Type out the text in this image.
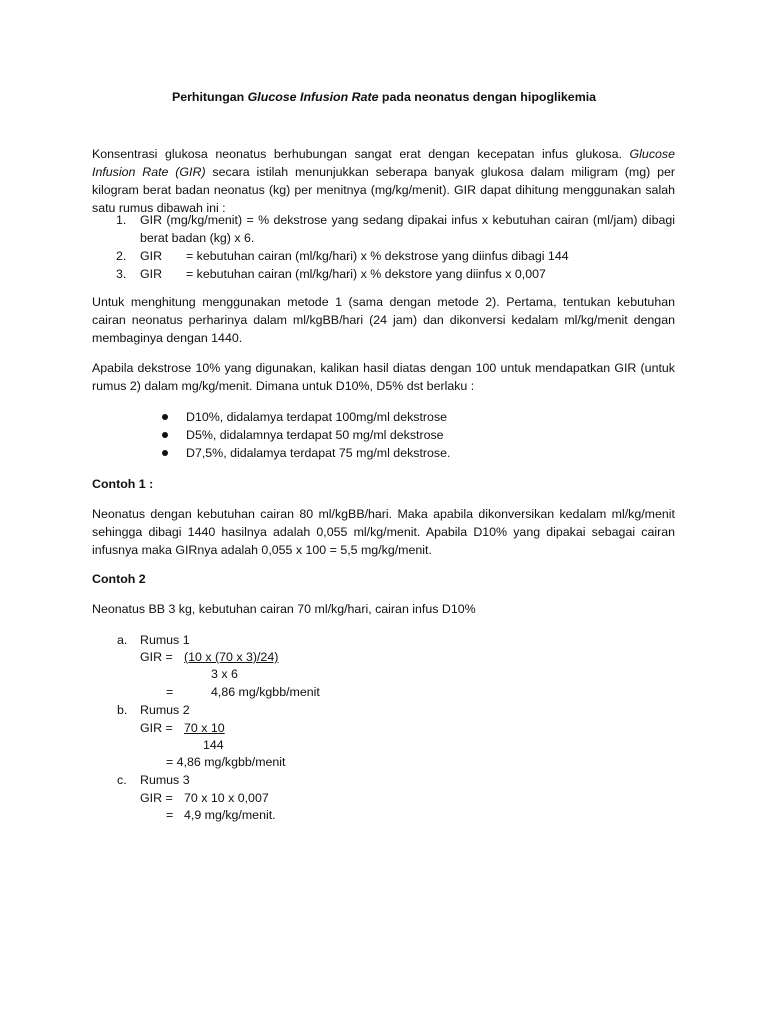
Perhitungan Glucose Infusion Rate pada neonatus dengan hipoglikemia

Konsentrasi glukosa neonatus berhubungan sangat erat dengan kecepatan infus glukosa. Glucose Infusion Rate (GIR) secara istilah menunjukkan seberapa banyak glukosa dalam miligram (mg) per kilogram berat badan neonatus (kg) per menitnya (mg/kg/menit). GIR dapat dihitung menggunakan salah satu rumus dibawah ini :

1. GIR (mg/kg/menit) = % dekstrose yang sedang dipakai infus x kebutuhan cairan (ml/jam) dibagi berat badan (kg) x 6.
2. GIR	= kebutuhan cairan (ml/kg/hari) x % dekstrose yang diinfus dibagi 144
3. GIR	= kebutuhan cairan (ml/kg/hari) x % dekstore yang diinfus x 0,007

Untuk menghitung menggunakan metode 1 (sama dengan metode 2). Pertama, tentukan kebutuhan cairan neonatus perharinya dalam ml/kgBB/hari (24 jam) dan dikonversi kedalam ml/kg/menit dengan membaginya dengan 1440.

Apabila dekstrose 10% yang digunakan, kalikan hasil diatas dengan 100 untuk mendapatkan GIR (untuk rumus 2) dalam mg/kg/menit. Dimana untuk D10%, D5% dst berlaku :

D10%, didalamya terdapat 100mg/ml dekstrose
D5%, didalamnya terdapat 50 mg/ml dekstrose
D7,5%, didalamya terdapat 75 mg/ml dekstrose.
Contoh 1 :

Neonatus dengan kebutuhan cairan 80 ml/kgBB/hari. Maka apabila dikonversikan kedalam ml/kg/menit sehingga dibagi 1440 hasilnya adalah 0,055 ml/kg/menit. Apabila D10% yang dipakai sebagai cairan infusnya maka GIRnya adalah 0,055 x 100 = 5,5 mg/kg/menit.

Contoh 2
Neonatus BB 3 kg, kebutuhan cairan 70 ml/kg/hari, cairan infus D10%
a. Rumus 1
GIR = (10 x (70 x 3)/24)
3 x 6
=	4,86 mg/kgbb/menit
b. Rumus 2
GIR = 70 x 10
144
= 4,86 mg/kgbb/menit
c. Rumus 3
GIR = 70 x 10 x 0,007
= 4,9 mg/kg/menit.
